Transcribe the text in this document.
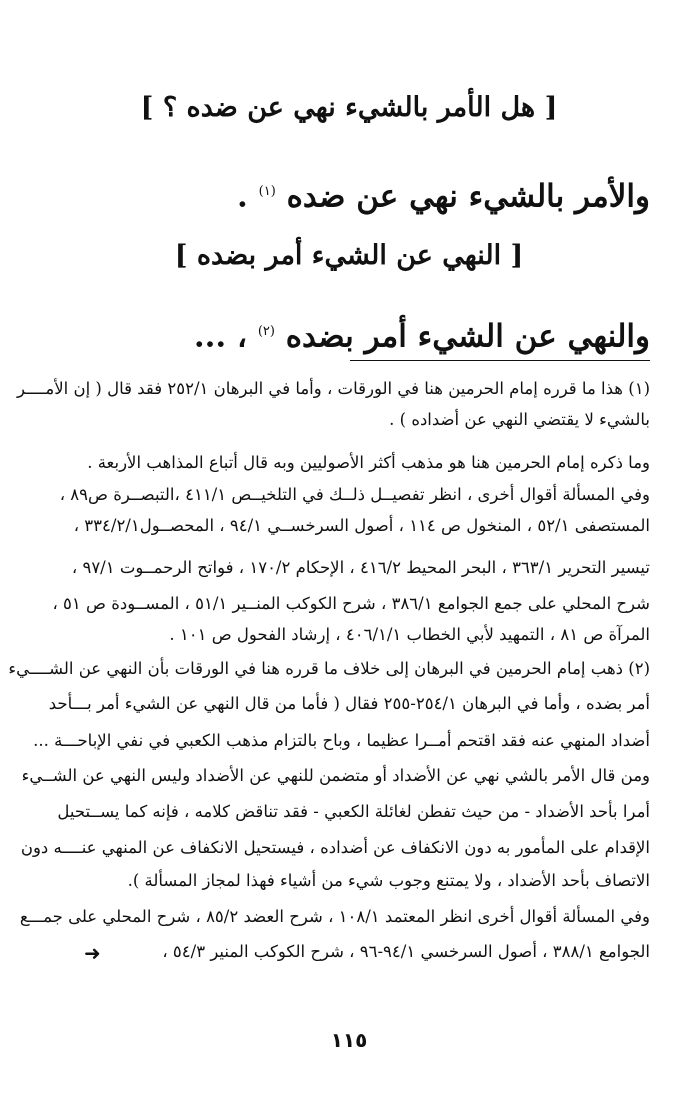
[ هل الأمر بالشيء نهي عن ضده ؟ ]
والأمر بالشيء نهي عن ضده $^{(١)}$ .
[ النهي عن الشيء أمر بضده ]
والنهي عن الشيء أمر بضده $^{(٢)}$ ، ...
(١) هذا ما قرره إمام الحرمين هنا في الورقات ، وأما في البرهان ٢٥٢/١ فقد قال ( إن الأمــــر
بالشيء لا يقتضي النهي عن أضداده ) .
وما ذكره إمام الحرمين هنا هو مذهب أكثر الأصوليين وبه قال أتباع المذاهب الأربعة .
وفي المسألة أقوال أخرى ، انظر تفصيــل ذلــك في التلخيــص ٤١١/١ ،التبصــرة ص٨٩ ،
المستصفى ٥٢/١ ، المنخول ص ١١٤ ، أصول السرخســي ٩٤/١ ، المحصــول٣٣٤/٢/١ ،
تيسير التحرير ٣٦٣/١ ، البحر المحيط ٤١٦/٢ ، الإحكام ١٧٠/٢ ، فواتح الرحمــوت ٩٧/١ ،
شرح المحلي على جمع الجوامع ٣٨٦/١ ، شرح الكوكب المنــير ٥١/١ ، المســودة ص ٥١ ،
المرآة ص ٨١ ، التمهيد لأبي الخطاب ٤٠٦/١/١ ، إرشاد الفحول ص ١٠١ .
(٢) ذهب إمام الحرمين في البرهان إلى خلاف ما قرره هنا في الورقات بأن النهي عن الشــــيء
أمر بضده ، وأما في البرهان ٢٥٤/١-٢٥٥ فقال ( فأما من قال النهي عن الشيء أمر بـــأحد
أضداد المنهي عنه فقد اقتحم أمــرا عظيما ، وباح بالتزام مذهب الكعبي في نفي الإباحـــة ...
ومن قال الأمر بالشي نهي عن الأضداد أو متضمن للنهي عن الأضداد وليس النهي عن الشــيء
أمرا بأحد الأضداد - من حيث تفطن لغائلة الكعبي - فقد تناقض كلامه ، فإنه كما يســتحيل
الإقدام على المأمور به دون الانكفاف عن أضداده ، فيستحيل الانكفاف عن المنهي عنــــه دون
الاتصاف بأحد الأضداد ، ولا يمتنع وجوب شيء من أشياء فهذا لمجاز المسألة ).
وفي المسألة أقوال أخرى انظر المعتمد ١٠٨/١ ، شرح العضد ٨٥/٢ ، شرح المحلي على جمـــع
الجوامع ٣٨٨/١ ، أصول السرخسي ٩٤/١-٩٦ ، شرح الكوكب المنير ٥٤/٣ ،
➜
١١٥
